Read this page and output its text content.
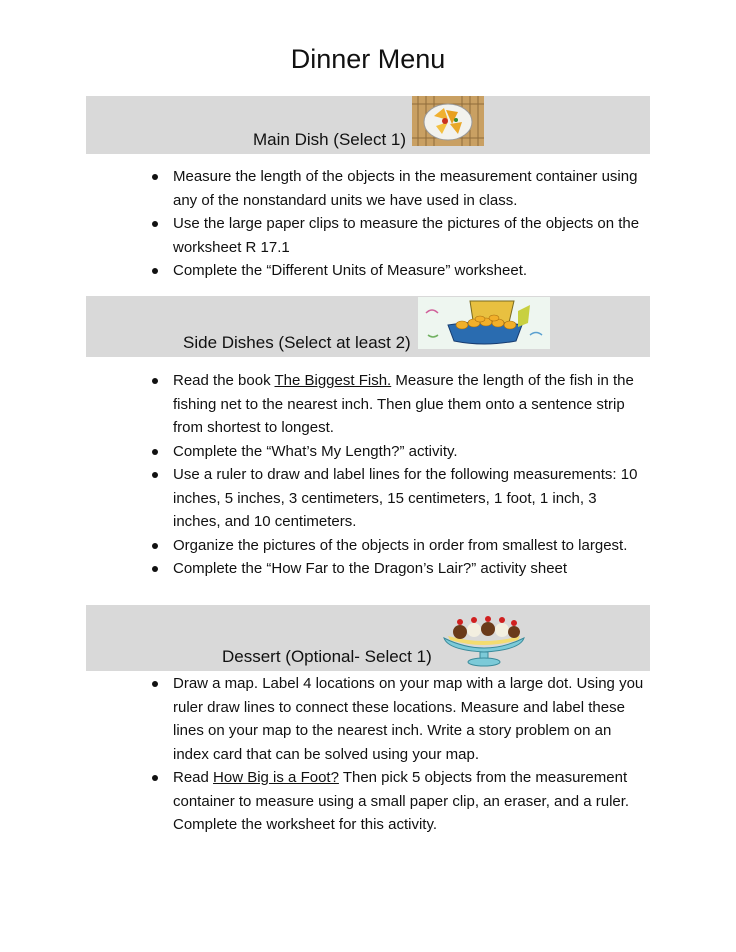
Dinner Menu
Main Dish (Select 1)
Measure the length of the objects in the measurement container using any of the nonstandard units we have used in class.
Use the large paper clips to measure the pictures of the objects on the worksheet R 17.1
Complete the “Different Units of Measure” worksheet.
Side Dishes (Select at least 2)
Read the book The Biggest Fish. Measure the length of the fish in the fishing net to the nearest inch. Then glue them onto a sentence strip from shortest to longest.
Complete the “What’s My Length?” activity.
Use a ruler to draw and label lines for the following measurements: 10 inches, 5 inches, 3 centimeters, 15 centimeters, 1 foot, 1 inch, 3 inches, and 10 centimeters.
Organize the pictures of the objects in order from smallest to largest.
Complete the “How Far to the Dragon’s Lair?” activity sheet
Dessert (Optional- Select 1)
Draw a map. Label 4 locations on your map with a large dot. Using you ruler draw lines to connect these locations. Measure and label these lines on your map to the nearest inch. Write a story problem on an index card that can be solved using your map.
Read How Big is a Foot? Then pick 5 objects from the measurement container to measure using a small paper clip, an eraser, and a ruler. Complete the worksheet for this activity.
